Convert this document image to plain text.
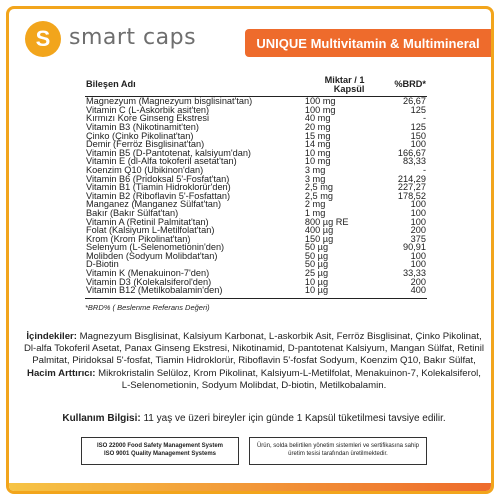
S smart caps	UNIQUE Multivitamin & Multimineral
Bileşen Adı	Miktar / 1 Kapsül	%BRD*
Magnezyum (Magnezyum bisglisinat'tan)	100 mg	26,67
Vitamin C (L-Askorbik asit'ten)	100 mg	125
Kırmızı Kore Ginseng Ekstresi	40 mg	-
Vitamin B3 (Nikotinamit'ten)	20 mg	125
Çinko (Çinko Pikolinat'tan)	15 mg	150
Demir (Ferröz Bisglisinat'tan)	14 mg	100
Vitamin B5 (D-Pantotenat, kalsiyum'dan)	10 mg	166,67
Vitamin E (dl-Alfa tokoferil asetat'tan)	10 mg	83,33
Koenzim Q10 (Ubikinon'dan)	3 mg	-
Vitamin B6 (Pridoksal 5'-Fosfat'tan)	3 mg	214,29
Vitamin B1 (Tiamin Hidroklorür'den)	2,5 mg	227,27
Vitamin B2 (Riboflavin 5'-Fosfattan)	2,5 mg	178,52
Manganez (Manganez Sülfat'tan)	2 mg	100
Bakır (Bakır Sülfat'tan)	1 mg	100
Vitamin A (Retinil Palmitat'tan)	800 µg RE	100
Folat (Kalsiyum L-Metilfolat'tan)	400 µg	200
Krom (Krom Pikolinat'tan)	150 µg	375
Selenyum (L-Selenometionin'den)	50 µg	90,91
Molibden (Sodyum Molibdat'tan)	50 µg	100
D-Biotin	50 µg	100
Vitamin K (Menakuinon-7'den)	25 µg	33,33
Vitamin D3 (Kolekalsiferol'den)	10 µg	200
Vitamin B12 (Metilkobalamin'den)	10 µg	400
*BRD% ( Beslenme Referans Değeri)
İçindekiler: Magnezyum Bisglisinat, Kalsiyum Karbonat, L-askorbik Asit, Ferröz Bisglisinat, Çinko Pikolinat, Dl-alfa Tokoferil Asetat, Panax Ginseng Ekstresi, Nikotinamid, D-pantotenat Kalsiyum, Mangan Sülfat, Retinil Palmitat, Piridoksal 5'-fosfat, Tiamin Hidroklorür, Riboflavin 5'-fosfat Sodyum, Koenzim Q10, Bakır Sülfat, Hacim Arttırıcı: Mikrokristalin Selüloz, Krom Pikolinat, Kalsiyum-L-Metilfolat, Menakuinon-7, Kolekalsiferol, L-Selenometionin, Sodyum Molibdat, D-biotin, Metilkobalamin.
Kullanım Bilgisi: 11 yaş ve üzeri bireyler için günde 1 Kapsül tüketilmesi tavsiye edilir.
ISO 22000 Food Safety Management System
ISO 9001 Quality Management Systems
Ürün, solda belirtilen yönetim sistemleri ve sertifikasına sahip üretim tesisi tarafından üretilmektedir.
